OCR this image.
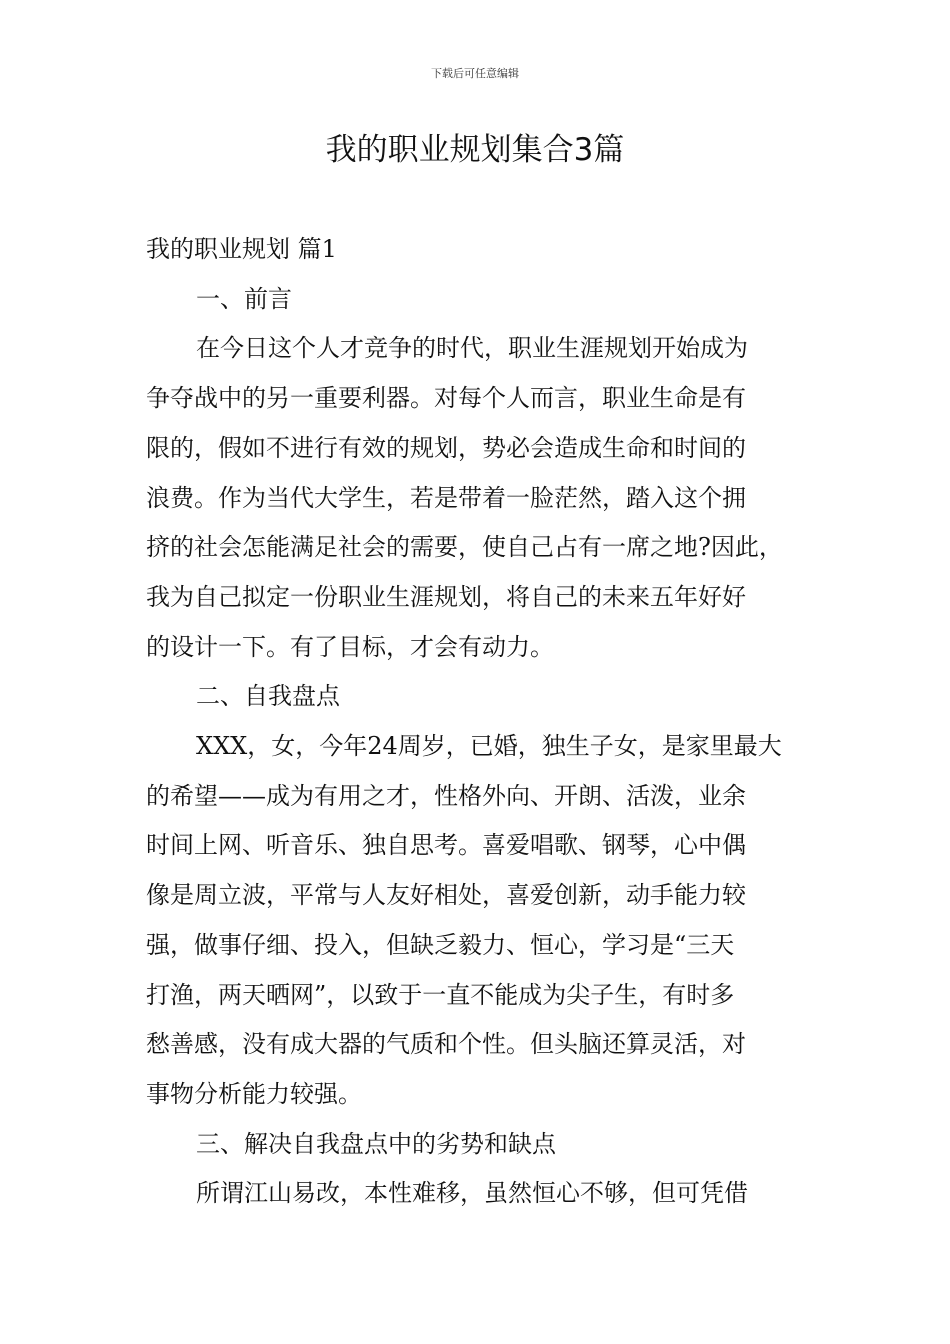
下载后可任意编辑
我的职业规划集合3篇

我的职业规划 篇1

一、前言

在今日这个人才竞争的时代，职业生涯规划开始成为

争夺战中的另一重要利器。对每个人而言，职业生命是有

限的，假如不进行有效的规划，势必会造成生命和时间的

浪费。作为当代大学生，若是带着一脸茫然，踏入这个拥

挤的社会怎能满足社会的需要，使自己占有一席之地?因此，

我为自己拟定一份职业生涯规划，将自己的未来五年好好

的设计一下。有了目标，才会有动力。

二、自我盘点

XXX，女，今年24周岁，已婚，独生子女，是家里最大

的希望——成为有用之才，性格外向、开朗、活泼，业余

时间上网、听音乐、独自思考。喜爱唱歌、钢琴，心中偶

像是周立波，平常与人友好相处，喜爱创新，动手能力较

强，做事仔细、投入，但缺乏毅力、恒心，学习是“三天

打渔，两天晒网”，以致于一直不能成为尖子生，有时多

愁善感，没有成大器的气质和个性。但头脑还算灵活，对

事物分析能力较强。

三、解决自我盘点中的劣势和缺点

所谓江山易改，本性难移，虽然恒心不够，但可凭借
